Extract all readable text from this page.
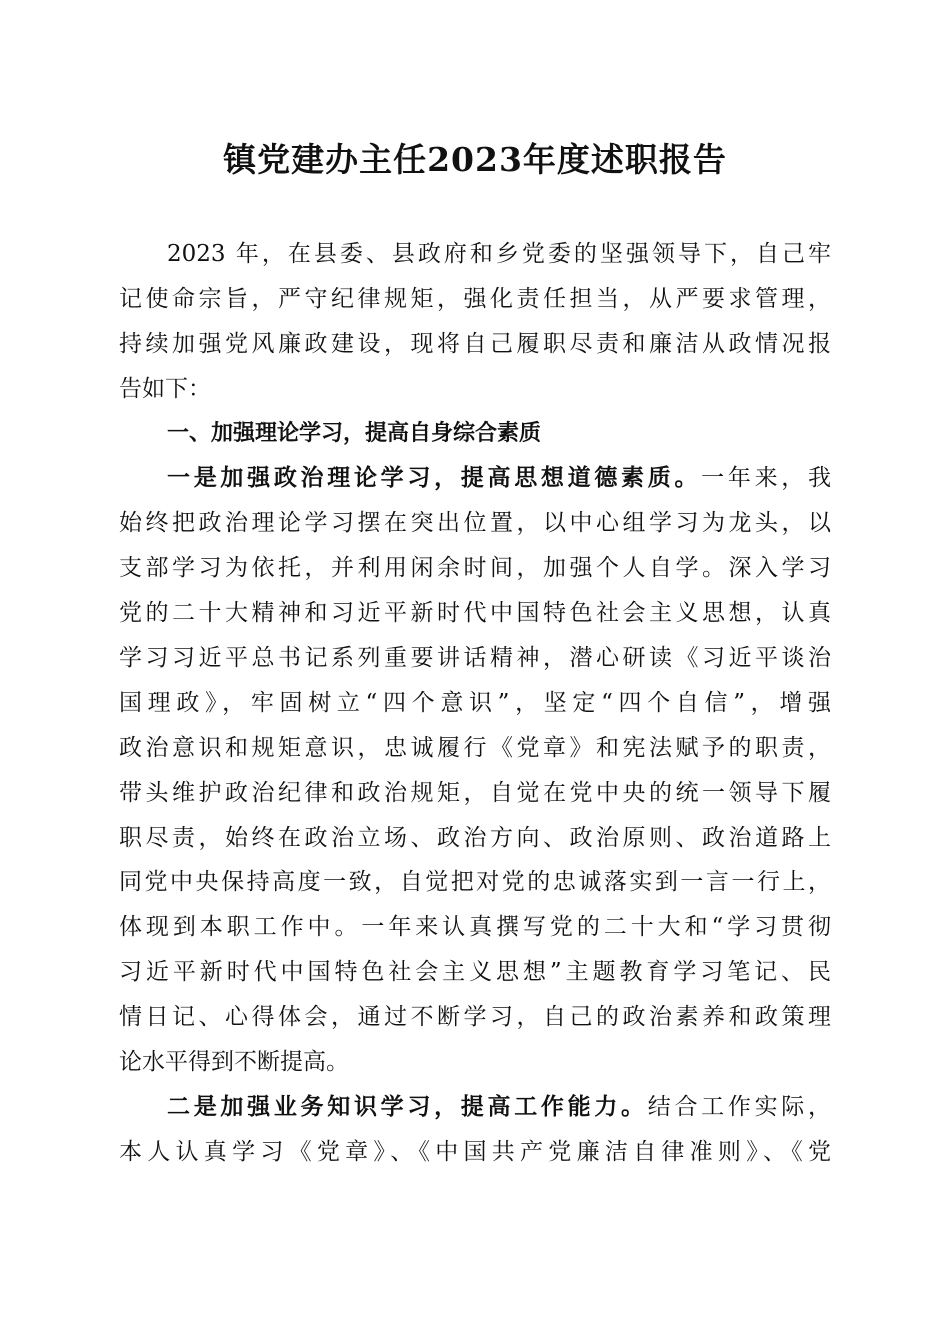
镇党建办主任2023年度述职报告
2023 年，在县委、县政府和乡党委的坚强领导下，自己牢
记使命宗旨，严守纪律规矩，强化责任担当，从严要求管理，
持续加强党风廉政建设，现将自己履职尽责和廉洁从政情况报
告如下：
一、加强理论学习，提高自身综合素质
一是加强政治理论学习，提高思想道德素质。一年来，我
始终把政治理论学习摆在突出位置，以中心组学习为龙头，以
支部学习为依托，并利用闲余时间，加强个人自学。深入学习
党的二十大精神和习近平新时代中国特色社会主义思想，认真
学习习近平总书记系列重要讲话精神，潜心研读《习近平谈治
国理政》，牢固树立“四个意识”，坚定“四个自信”，增强
政治意识和规矩意识，忠诚履行《党章》和宪法赋予的职责，
带头维护政治纪律和政治规矩，自觉在党中央的统一领导下履
职尽责，始终在政治立场、政治方向、政治原则、政治道路上
同党中央保持高度一致，自觉把对党的忠诚落实到一言一行上，
体现到本职工作中。一年来认真撰写党的二十大和“学习贯彻
习近平新时代中国特色社会主义思想”主题教育学习笔记、民
情日记、心得体会，通过不断学习，自己的政治素养和政策理
论水平得到不断提高。
二是加强业务知识学习，提高工作能力。结合工作实际，
本人认真学习《党章》、《中国共产党廉洁自律准则》、《党
